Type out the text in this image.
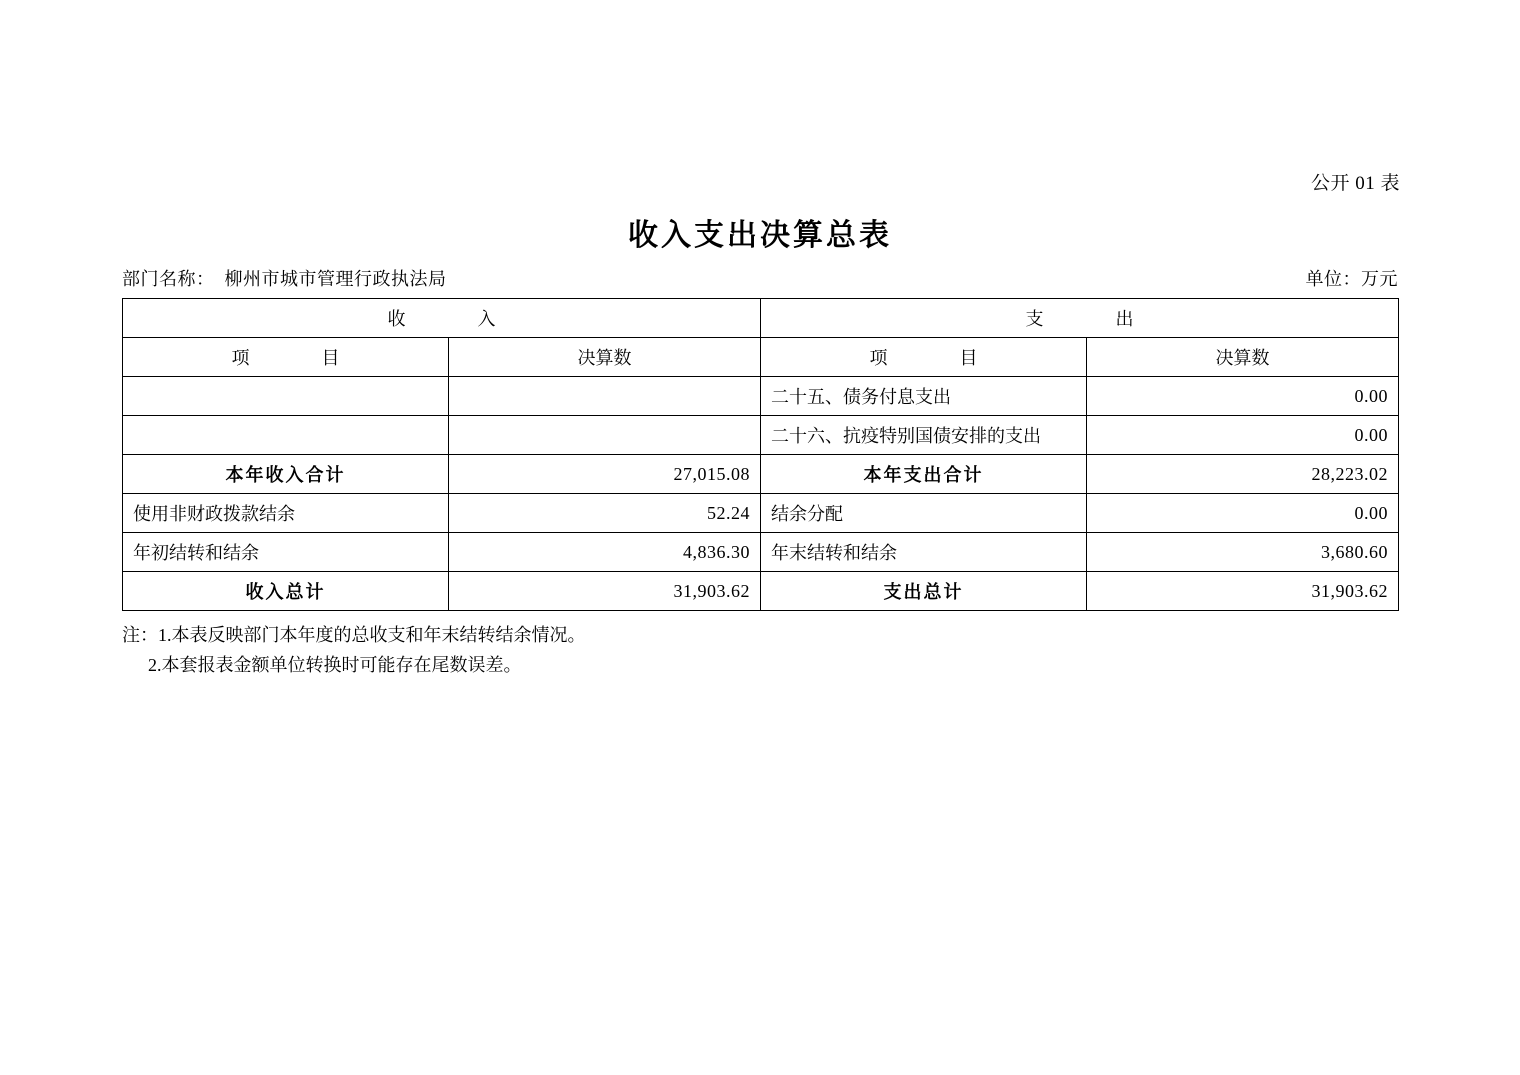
公开 01 表
收入支出决算总表
部门名称： 柳州市城市管理行政执法局	单位：万元
收　　入		支　　出	
项　　目	决算数	项　　目	决算数
		二十五、债务付息支出	0.00
		二十六、抗疫特别国债安排的支出	0.00
本年收入合计	27,015.08	本年支出合计	28,223.02
使用非财政拨款结余	52.24	结余分配	0.00
年初结转和结余	4,836.30	年末结转和结余	3,680.60
收入总计	31,903.62	支出总计	31,903.62
注：1.本表反映部门本年度的总收支和年末结转结余情况。
2.本套报表金额单位转换时可能存在尾数误差。
